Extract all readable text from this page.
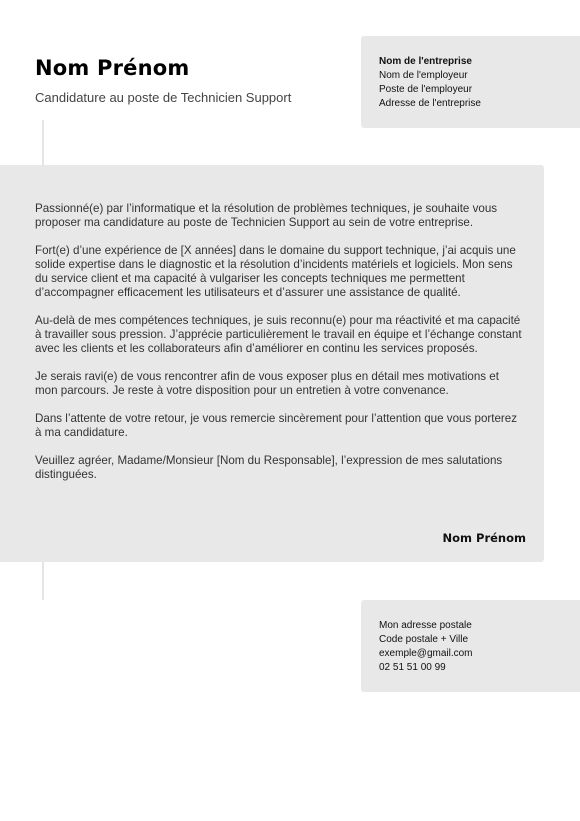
Nom Prénom

Candidature au poste de Technicien Support

Nom de l'entreprise
Nom de l'employeur
Poste de l'employeur
Adresse de l'entreprise

Passionné(e) par l’informatique et la résolution de problèmes techniques, je souhaite vous proposer ma candidature au poste de Technicien Support au sein de votre entreprise.

Fort(e) d’une expérience de [X années] dans le domaine du support technique, j’ai acquis une solide expertise dans le diagnostic et la résolution d’incidents matériels et logiciels. Mon sens du service client et ma capacité à vulgariser les concepts techniques me permettent d’accompagner efficacement les utilisateurs et d’assurer une assistance de qualité.

Au-delà de mes compétences techniques, je suis reconnu(e) pour ma réactivité et ma capacité à travailler sous pression. J’apprécie particulièrement le travail en équipe et l’échange constant avec les clients et les collaborateurs afin d’améliorer en continu les services proposés.

Je serais ravi(e) de vous rencontrer afin de vous exposer plus en détail mes motivations et mon parcours. Je reste à votre disposition pour un entretien à votre convenance.

Dans l’attente de votre retour, je vous remercie sincèrement pour l’attention que vous porterez à ma candidature.

Veuillez agréer, Madame/Monsieur [Nom du Responsable], l’expression de mes salutations distinguées.

Nom Prénom
Mon adresse postale
Code postale + Ville
exemple@gmail.com
02 51 51 00 99
